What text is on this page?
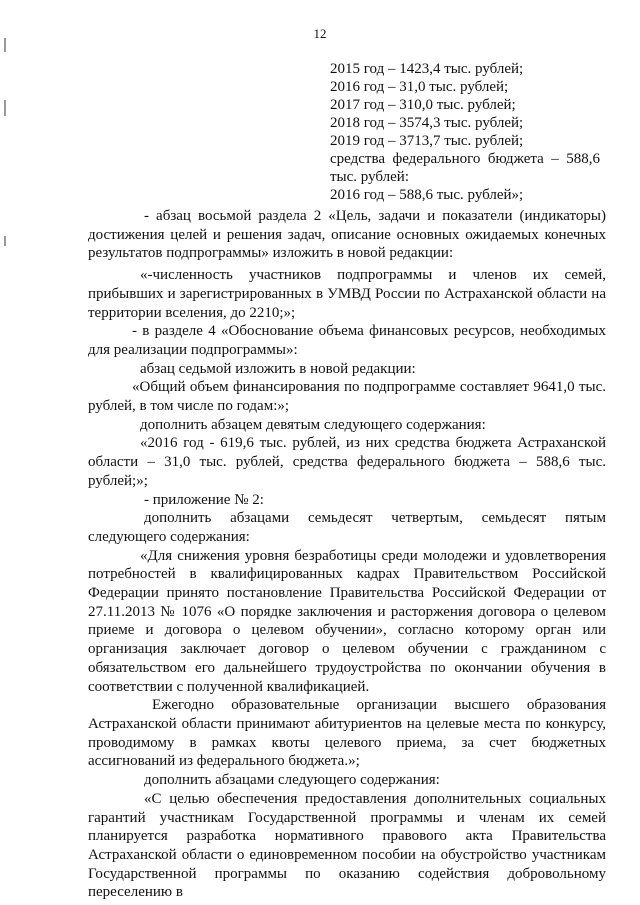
12
2015 год – 1423,4 тыс. рублей;
2016 год – 31,0 тыс. рублей;
2017 год – 310,0 тыс. рублей;
2018 год – 3574,3 тыс. рублей;
2019 год – 3713,7 тыс. рублей;
средства федерального бюджета – 588,6
тыс. рублей:
2016 год – 588,6 тыс. рублей»;

- абзац восьмой раздела 2 «Цель, задачи и показатели (индикаторы) достижения целей и решения задач, описание основных ожидаемых конечных результатов подпрограммы» изложить в новой редакции:

«-численность участников подпрограммы и членов их семей, прибывших и зарегистрированных в УМВД России по Астраханской области на территории вселения, до 2210;»;

- в разделе 4 «Обоснование объема финансовых ресурсов, необходимых для реализации подпрограммы»:

абзац седьмой изложить в новой редакции:

«Общий объем финансирования по подпрограмме составляет 9641,0 тыс. рублей, в том числе по годам:»;

дополнить абзацем девятым следующего содержания:

«2016 год - 619,6 тыс. рублей, из них средства бюджета Астраханской области – 31,0 тыс. рублей, средства федерального бюджета – 588,6 тыс. рублей;»;

- приложение № 2:

дополнить абзацами семьдесят четвертым, семьдесят пятым следующего содержания:

«Для снижения уровня безработицы среди молодежи и удовлетворения потребностей в квалифицированных кадрах Правительством Российской Федерации принято постановление Правительства Российской Федерации от 27.11.2013 № 1076 «О порядке заключения и расторжения договора о целевом приеме и договора о целевом обучении», согласно которому орган или организация заключает договор о целевом обучении с гражданином с обязательством его дальнейшего трудоустройства по окончании обучения в соответствии с полученной квалификацией.

Ежегодно образовательные организации высшего образования Астраханской области принимают абитуриентов на целевые места по конкурсу, проводимому в рамках квоты целевого приема, за счет бюджетных ассигнований из федерального бюджета.»;

дополнить абзацами следующего содержания:

«С целью обеспечения предоставления дополнительных социальных гарантий участникам Государственной программы и членам их семей планируется разработка нормативного правового акта Правительства Астраханской области о единовременном пособии на обустройство участникам Государственной программы по оказанию содействия добровольному переселению в
